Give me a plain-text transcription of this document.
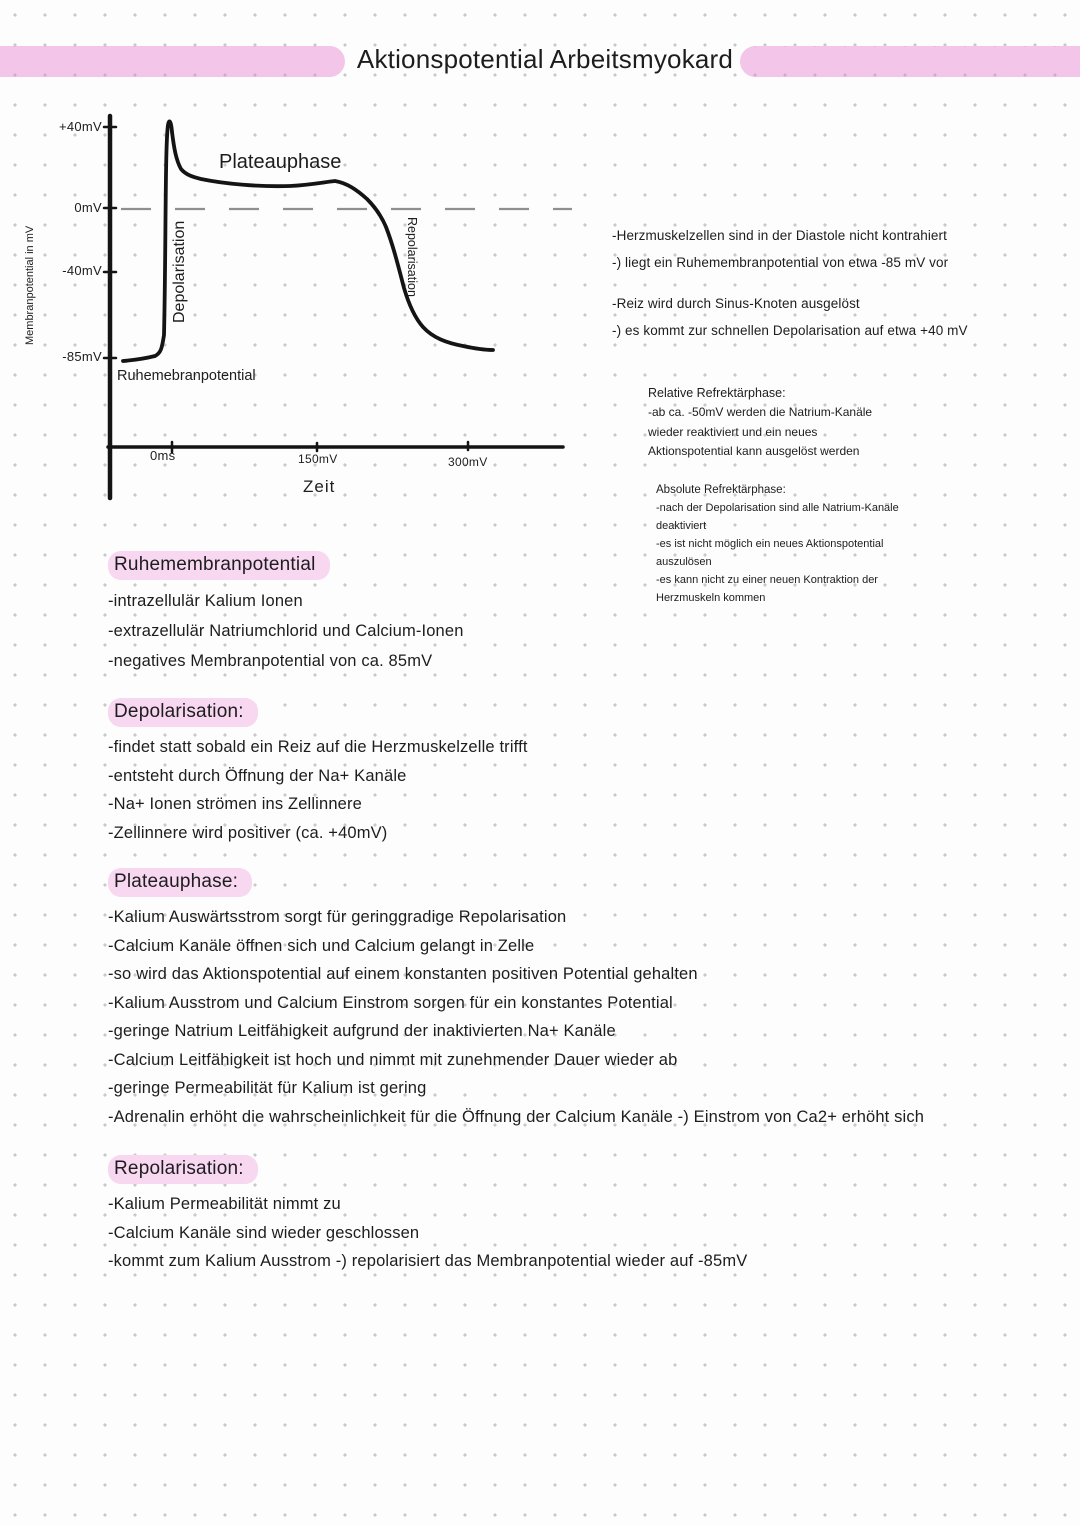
Aktionspotential Arbeitsmyokard
+40mV
0mV
-40mV
-85mV
Membranpotential in mV
Plateauphase
Depolarisation	Repolarisation
Ruhemebranpotential
0ms	150mV	300mV
Zeit
-Herzmuskelzellen sind in der Diastole nicht kontrahiert
-) liegt ein Ruhemembranpotential von etwa -85 mV vor
-Reiz wird durch Sinus-Knoten ausgelöst
-) es kommt zur schnellen Depolarisation auf etwa +40 mV
Relative Refrektärphase:
-ab ca. -50mV werden die Natrium-Kanäle
wieder reaktiviert und ein neues
Aktionspotential kann ausgelöst werden
Absolute Refrektärphase:
-nach der Depolarisation sind alle Natrium-Kanäle
deaktiviert
-es ist nicht möglich ein neues Aktionspotential
auszulösen
-es kann nicht zu einer neuen Kontraktion der
Herzmuskeln kommen
Ruhemembranpotential
-intrazellulär Kalium Ionen
-extrazellulär Natriumchlorid und Calcium-Ionen
-negatives Membranpotential von ca. 85mV
Depolarisation:
-findet statt sobald ein Reiz auf die Herzmuskelzelle trifft
-entsteht durch Öffnung der Na+ Kanäle
-Na+ Ionen strömen ins Zellinnere
-Zellinnere wird positiver (ca. +40mV)
Plateauphase:
-Kalium Auswärtsstrom sorgt für geringgradige Repolarisation
-Calcium Kanäle öffnen sich und Calcium gelangt in Zelle
-so wird das Aktionspotential auf einem konstanten positiven Potential gehalten
-Kalium Ausstrom und Calcium Einstrom sorgen für ein konstantes Potential
-geringe Natrium Leitfähigkeit aufgrund der inaktivierten Na+ Kanäle
-Calcium Leitfähigkeit ist hoch und nimmt mit zunehmender Dauer wieder ab
-geringe Permeabilität für Kalium ist gering
-Adrenalin erhöht die wahrscheinlichkeit für die Öffnung der Calcium Kanäle -) Einstrom von Ca2+ erhöht sich
Repolarisation:
-Kalium Permeabilität nimmt zu
-Calcium Kanäle sind wieder geschlossen
-kommt zum Kalium Ausstrom -) repolarisiert das Membranpotential wieder auf -85mV
